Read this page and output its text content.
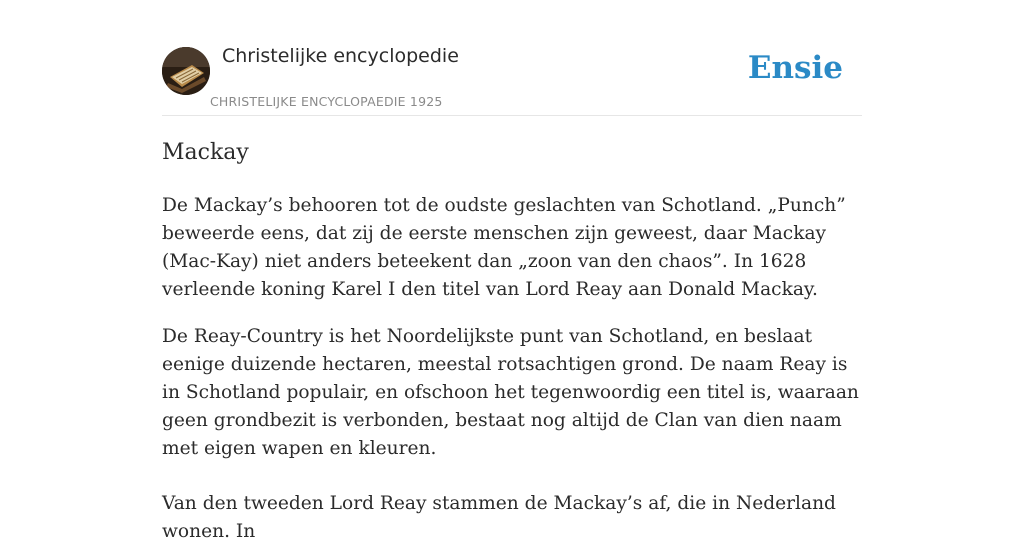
Christelijke encyclopedie
CHRISTELIJKE ENCYCLOPAEDIE 1925
Ensie
Mackay

De Mackay’s behooren tot de oudste geslachten van Schotland. „Punch” beweerde eens, dat zij de eerste menschen zijn geweest, daar Mackay (Mac-Kay) niet anders beteekent dan „zoon van den chaos”. In 1628 verleende koning Karel I den titel van Lord Reay aan Donald Mackay.

De Reay-Country is het Noordelijkste punt van Schotland, en beslaat eenige duizende hectaren, meestal rotsachtigen grond. De naam Reay is in Schotland populair, en ofschoon het tegenwoordig een titel is, waaraan geen grondbezit is verbonden, bestaat nog altijd de Clan van dien naam met eigen wapen en kleuren.

Van den tweeden Lord Reay stammen de Mackay’s af, die in Nederland wonen. In
